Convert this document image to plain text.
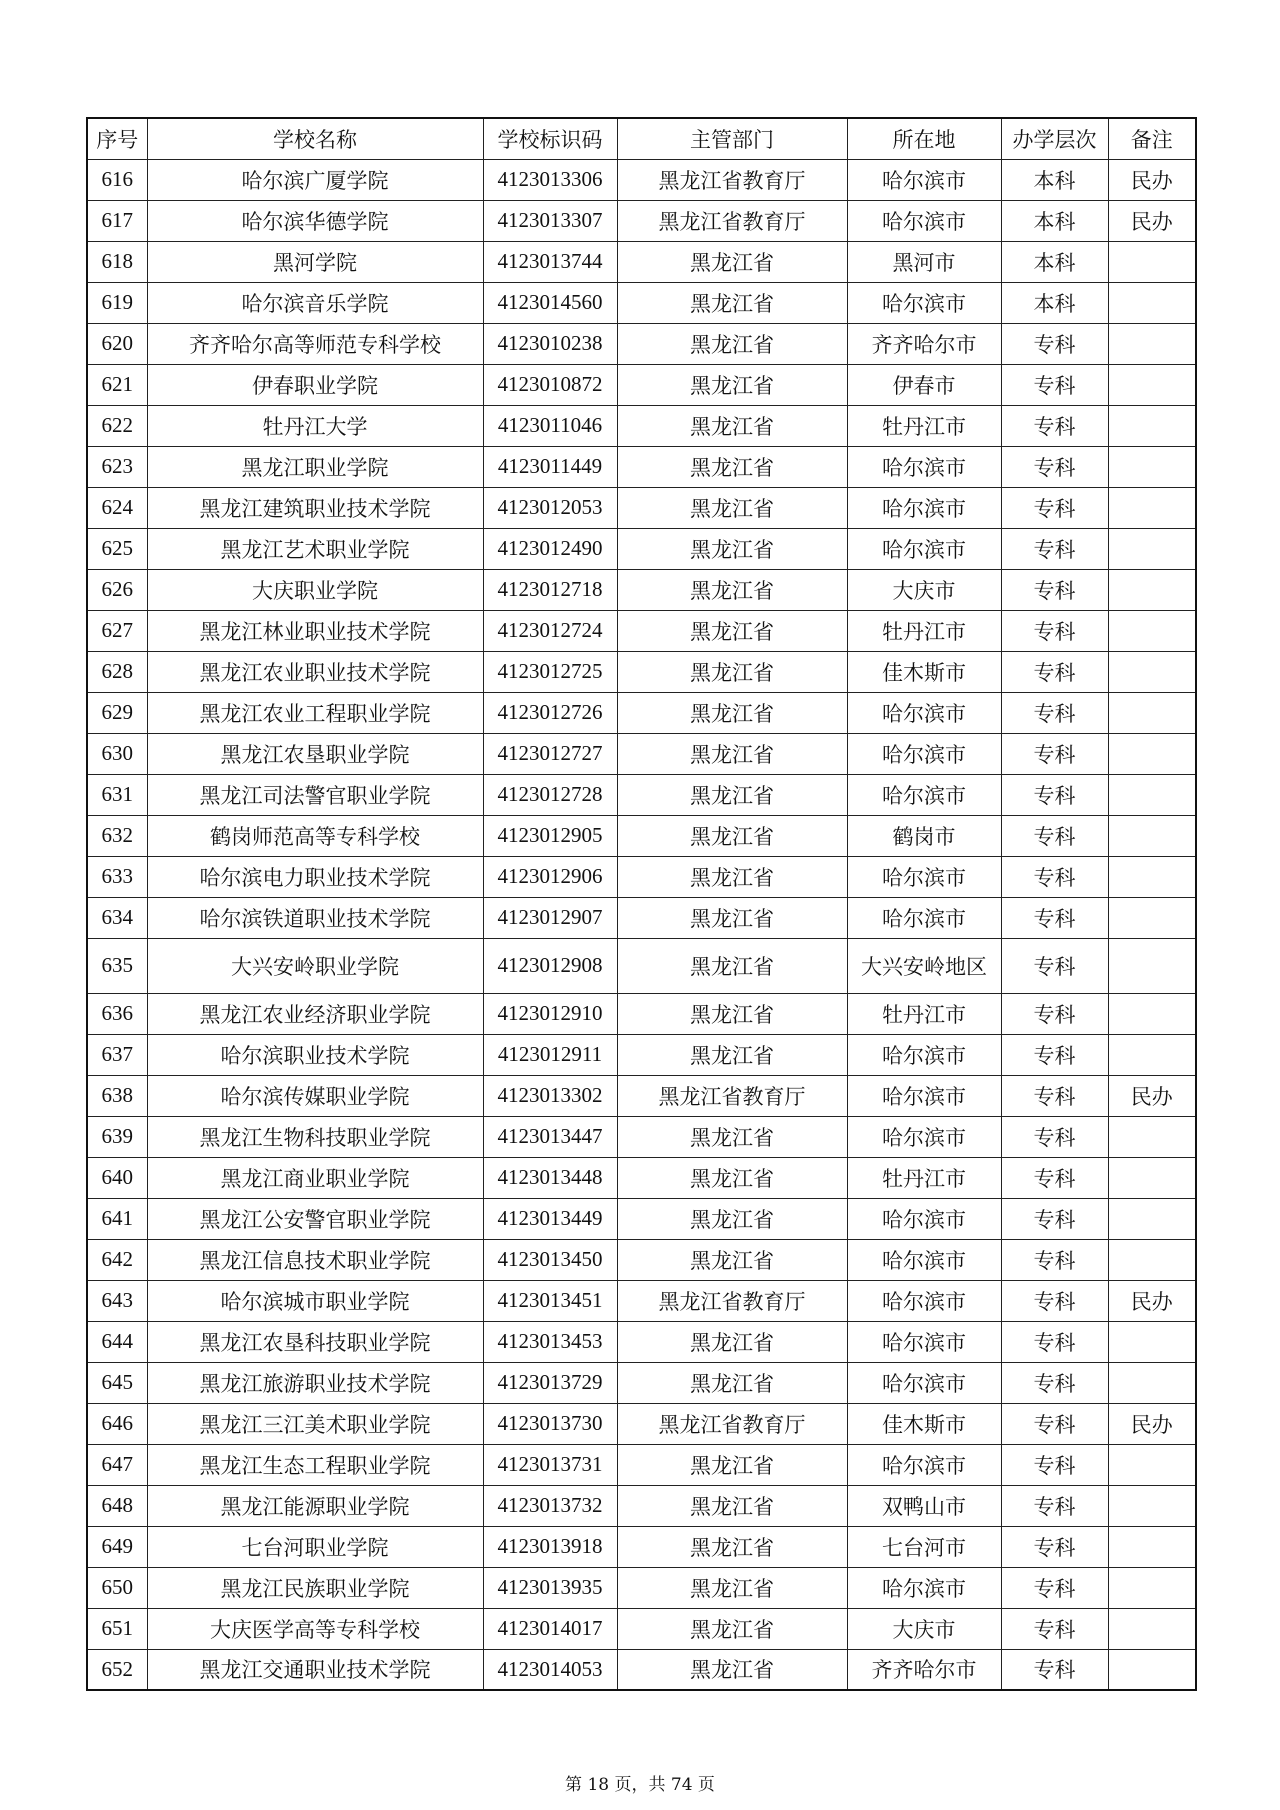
序号	学校名称	学校标识码	主管部门	所在地	办学层次	备注
616	哈尔滨广厦学院	4123013306	黑龙江省教育厅	哈尔滨市	本科	民办
617	哈尔滨华德学院	4123013307	黑龙江省教育厅	哈尔滨市	本科	民办
618	黑河学院	4123013744	黑龙江省	黑河市	本科	
619	哈尔滨音乐学院	4123014560	黑龙江省	哈尔滨市	本科	
620	齐齐哈尔高等师范专科学校	4123010238	黑龙江省	齐齐哈尔市	专科	
621	伊春职业学院	4123010872	黑龙江省	伊春市	专科	
622	牡丹江大学	4123011046	黑龙江省	牡丹江市	专科	
623	黑龙江职业学院	4123011449	黑龙江省	哈尔滨市	专科	
624	黑龙江建筑职业技术学院	4123012053	黑龙江省	哈尔滨市	专科	
625	黑龙江艺术职业学院	4123012490	黑龙江省	哈尔滨市	专科	
626	大庆职业学院	4123012718	黑龙江省	大庆市	专科	
627	黑龙江林业职业技术学院	4123012724	黑龙江省	牡丹江市	专科	
628	黑龙江农业职业技术学院	4123012725	黑龙江省	佳木斯市	专科	
629	黑龙江农业工程职业学院	4123012726	黑龙江省	哈尔滨市	专科	
630	黑龙江农垦职业学院	4123012727	黑龙江省	哈尔滨市	专科	
631	黑龙江司法警官职业学院	4123012728	黑龙江省	哈尔滨市	专科	
632	鹤岗师范高等专科学校	4123012905	黑龙江省	鹤岗市	专科	
633	哈尔滨电力职业技术学院	4123012906	黑龙江省	哈尔滨市	专科	
634	哈尔滨铁道职业技术学院	4123012907	黑龙江省	哈尔滨市	专科	
635	大兴安岭职业学院	4123012908	黑龙江省	大兴安岭地区	专科	
636	黑龙江农业经济职业学院	4123012910	黑龙江省	牡丹江市	专科	
637	哈尔滨职业技术学院	4123012911	黑龙江省	哈尔滨市	专科	
638	哈尔滨传媒职业学院	4123013302	黑龙江省教育厅	哈尔滨市	专科	民办
639	黑龙江生物科技职业学院	4123013447	黑龙江省	哈尔滨市	专科	
640	黑龙江商业职业学院	4123013448	黑龙江省	牡丹江市	专科	
641	黑龙江公安警官职业学院	4123013449	黑龙江省	哈尔滨市	专科	
642	黑龙江信息技术职业学院	4123013450	黑龙江省	哈尔滨市	专科	
643	哈尔滨城市职业学院	4123013451	黑龙江省教育厅	哈尔滨市	专科	民办
644	黑龙江农垦科技职业学院	4123013453	黑龙江省	哈尔滨市	专科	
645	黑龙江旅游职业技术学院	4123013729	黑龙江省	哈尔滨市	专科	
646	黑龙江三江美术职业学院	4123013730	黑龙江省教育厅	佳木斯市	专科	民办
647	黑龙江生态工程职业学院	4123013731	黑龙江省	哈尔滨市	专科	
648	黑龙江能源职业学院	4123013732	黑龙江省	双鸭山市	专科	
649	七台河职业学院	4123013918	黑龙江省	七台河市	专科	
650	黑龙江民族职业学院	4123013935	黑龙江省	哈尔滨市	专科	
651	大庆医学高等专科学校	4123014017	黑龙江省	大庆市	专科	
652	黑龙江交通职业技术学院	4123014053	黑龙江省	齐齐哈尔市	专科	
第 18 页，共 74 页
